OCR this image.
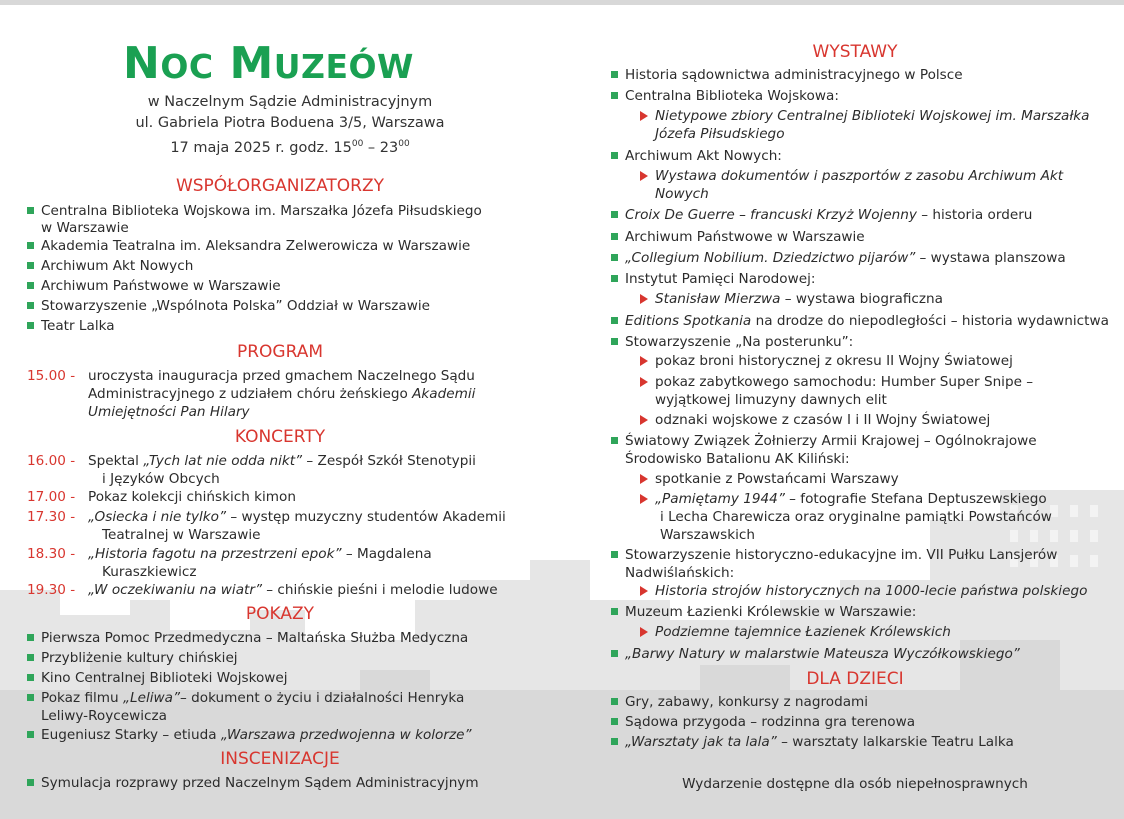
NOC MUZEÓW
w Naczelnym Sądzie Administracyjnym
ul. Gabriela Piotra Boduena 3/5, Warszawa
17 maja 2025 r. godz. $15^{00} - 23^{00}$
WSPÓŁORGANIZATORZY
Centralna Biblioteka Wojskowa im. Marszałka Józefa Piłsudskiego
w Warszawie
Akademia Teatralna im. Aleksandra Zelwerowicza w Warszawie
Archiwum Akt Nowych
Archiwum Państwowe w Warszawie
Stowarzyszenie „Wspólnota Polska” Oddział w Warszawie
Teatr Lalka
PROGRAM
15.00 - uroczysta inauguracja przed gmachem Naczelnego Sądu
Administracyjnego z udziałem chóru żeńskiego Akademii
Umiejętności Pan Hilary
KONCERTY
16.00 - Spektal „Tych lat nie odda nikt” – Zespół Szkół Stenotypii
i Języków Obcych
17.00 - Pokaz kolekcji chińskich kimon
17.30 - „Osiecka i nie tylko” – występ muzyczny studentów Akademii
Teatralnej w Warszawie
18.30 - „Historia fagotu na przestrzeni epok” – Magdalena
Kuraszkiewicz
19.30 - „W oczekiwaniu na wiatr” – chińskie pieśni i melodie ludowe
POKAZY
Pierwsza Pomoc Przedmedyczna – Maltańska Służba Medyczna
Przybliżenie kultury chińskiej
Kino Centralnej Biblioteki Wojskowej
Pokaz filmu „Leliwa”– dokument o życiu i działalności Henryka
Leliwy-Roycewicza
Eugeniusz Starky – etiuda „Warszawa przedwojenna w kolorze”
INSCENIZACJE
Symulacja rozprawy przed Naczelnym Sądem Administracyjnym
WYSTAWY
Historia sądownictwa administracyjnego w Polsce
Centralna Biblioteka Wojskowa:
Nietypowe zbiory Centralnej Biblioteki Wojskowej im. Marszałka
Józefa Piłsudskiego
Archiwum Akt Nowych:
Wystawa dokumentów i paszportów z zasobu Archiwum Akt
Nowych
Croix De Guerre – francuski Krzyż Wojenny – historia orderu
Archiwum Państwowe w Warszawie
„Collegium Nobilium. Dziedzictwo pijarów” – wystawa planszowa
Instytut Pamięci Narodowej:
Stanisław Mierzwa – wystawa biograficzna
Editions Spotkania na drodze do niepodległości – historia wydawnictwa
Stowarzyszenie „Na posterunku”:
pokaz broni historycznej z okresu II Wojny Światowej
pokaz zabytkowego samochodu: Humber Super Snipe –
wyjątkowej limuzyny dawnych elit
odznaki wojskowe z czasów I i II Wojny Światowej
Światowy Związek Żołnierzy Armii Krajowej – Ogólnokrajowe
Środowisko Batalionu AK Kiliński:
spotkanie z Powstańcami Warszawy
„Pamiętamy 1944” – fotografie Stefana Deptuszewskiego
i Lecha Charewicza oraz oryginalne pamiątki Powstańców
Warszawskich
Stowarzyszenie historyczno-edukacyjne im. VII Pułku Lansjerów
Nadwiślańskich:
Historia strojów historycznych na 1000-lecie państwa polskiego
Muzeum Łazienki Królewskie w Warszawie:
Podziemne tajemnice Łazienek Królewskich
„Barwy Natury w malarstwie Mateusza Wyczółkowskiego”
DLA DZIECI
Gry, zabawy, konkursy z nagrodami
Sądowa przygoda – rodzinna gra terenowa
„Warsztaty jak ta lala” – warsztaty lalkarskie Teatru Lalka
Wydarzenie dostępne dla osób niepełnosprawnych
